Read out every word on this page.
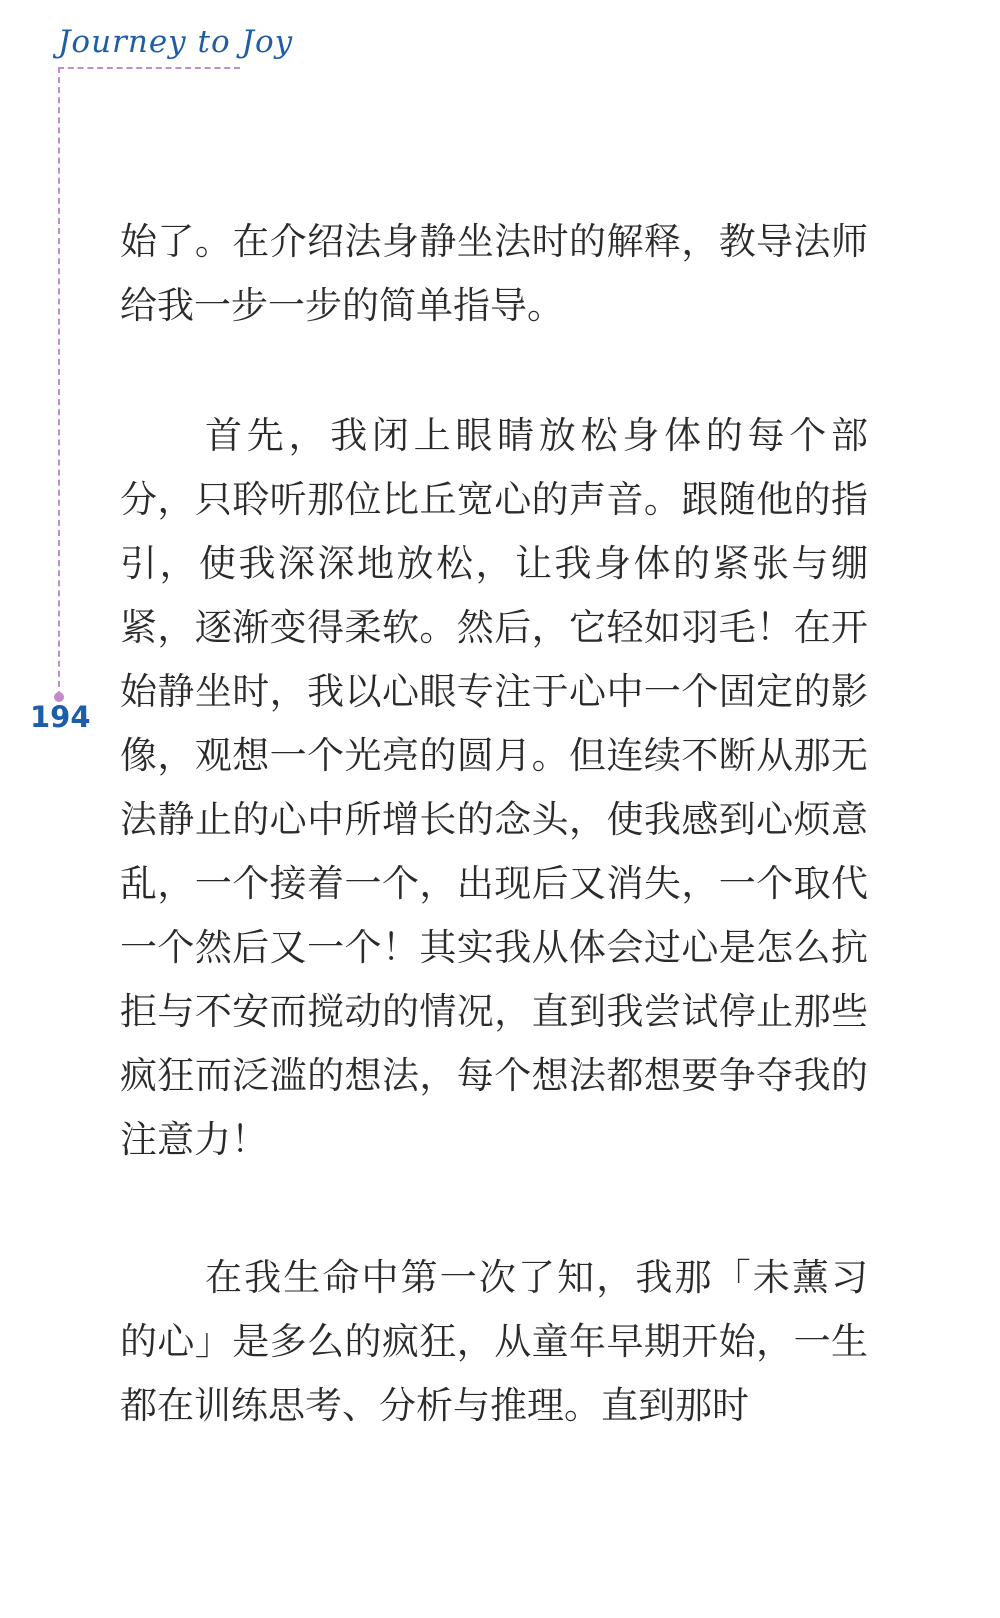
Journey to Joy
194

始了。在介绍法身静坐法时的解释，教导法师给我一步一步的简单指导。

首先，我闭上眼睛放松身体的每个部分，只聆听那位比丘宽心的声音。跟随他的指引，使我深深地放松，让我身体的紧张与绷紧，逐渐变得柔软。然后，它轻如羽毛！在开始静坐时，我以心眼专注于心中一个固定的影像，观想一个光亮的圆月。但连续不断从那无法静止的心中所增长的念头，使我感到心烦意乱，一个接着一个，出现后又消失，一个取代一个然后又一个！其实我从体会过心是怎么抗拒与不安而搅动的情况，直到我尝试停止那些疯狂而泛滥的想法，每个想法都想要争夺我的注意力！

在我生命中第一次了知，我那「未薰习的心」是多么的疯狂，从童年早期开始，一生都在训练思考、分析与推理。直到那时
